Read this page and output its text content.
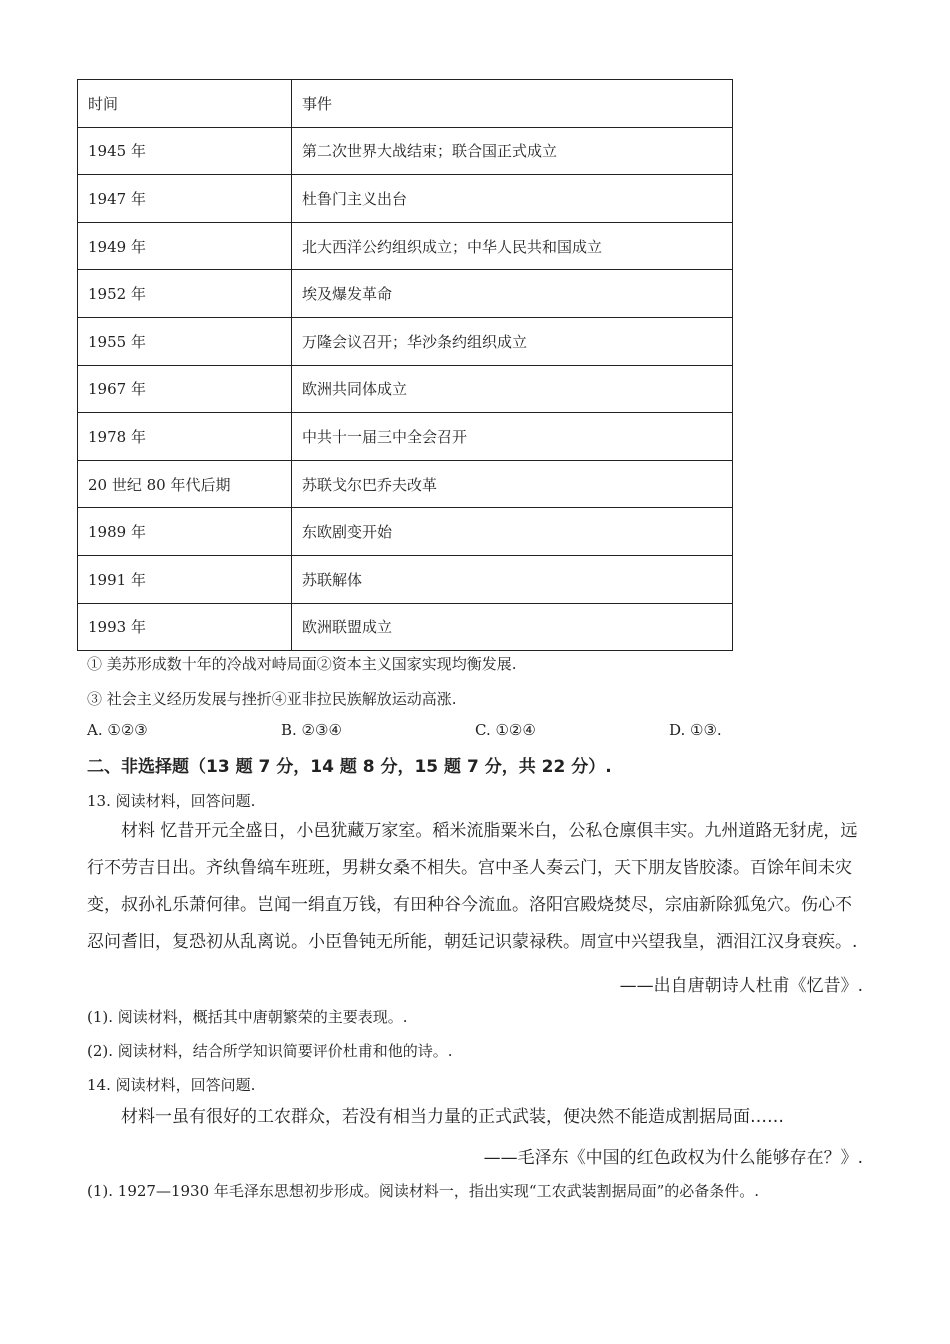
时间	事件
1945 年	第二次世界大战结束；联合国正式成立
1947 年	杜鲁门主义出台
1949 年	北大西洋公约组织成立；中华人民共和国成立
1952 年	埃及爆发革命
1955 年	万隆会议召开；华沙条约组织成立
1967 年	欧洲共同体成立
1978 年	中共十一届三中全会召开
20 世纪 80 年代后期	苏联戈尔巴乔夫改革
1989 年	东欧剧变开始
1991 年	苏联解体
1993 年	欧洲联盟成立
① 美苏形成数十年的冷战对峙局面②资本主义国家实现均衡发展.
③ 社会主义经历发展与挫折④亚非拉民族解放运动高涨.
A. ①②③	B. ②③④	C. ①②④	D. ①③.
二、非选择题（13 题 7 分，14 题 8 分，15 题 7 分，共 22 分）.
13. 阅读材料，回答问题.
材料 忆昔开元全盛日，小邑犹藏万家室。稻米流脂粟米白，公私仓廪俱丰实。九州道路无豺虎，远行不劳吉日出。齐纨鲁缟车班班，男耕女桑不相失。宫中圣人奏云门，天下朋友皆胶漆。百馀年间未灾变，叔孙礼乐萧何律。岂闻一绢直万钱，有田种谷今流血。洛阳宫殿烧焚尽，宗庙新除狐兔穴。伤心不忍问耆旧，复恐初从乱离说。小臣鲁钝无所能，朝廷记识蒙禄秩。周宣中兴望我皇，洒泪江汉身衰疾。.
——出自唐朝诗人杜甫《忆昔》.
(1). 阅读材料，概括其中唐朝繁荣的主要表现。.
(2). 阅读材料，结合所学知识简要评价杜甫和他的诗。.
14. 阅读材料，回答问题.
材料一虽有很好的工农群众，若没有相当力量的正式武装，便决然不能造成割据局面……
——毛泽东《中国的红色政权为什么能够存在？》.
(1). 1927—1930 年毛泽东思想初步形成。阅读材料一，指出实现“工农武装割据局面”的必备条件。.
